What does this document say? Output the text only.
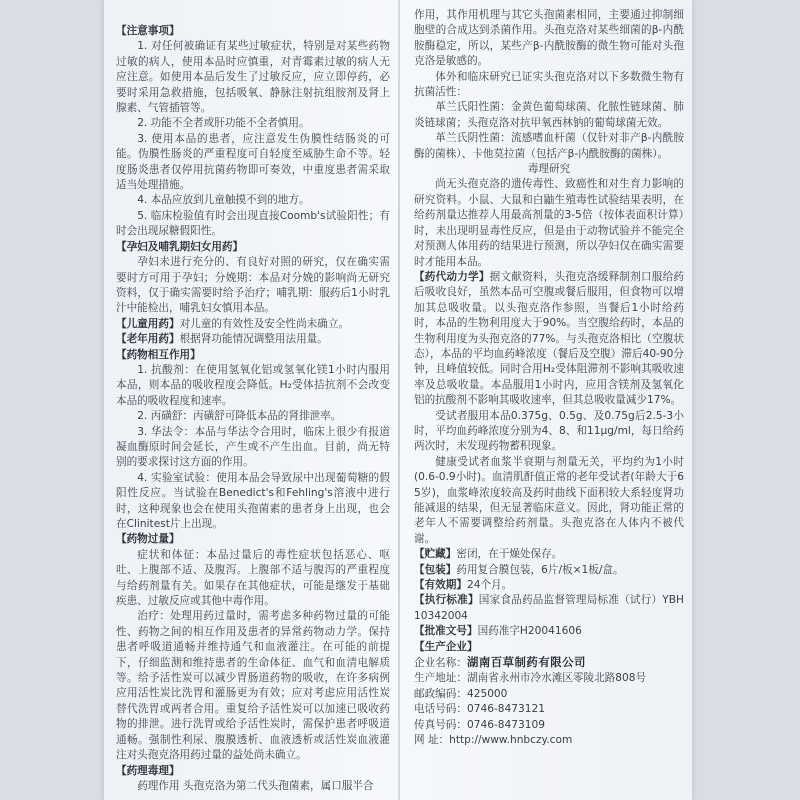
【注意事项】

1. 对任何被确证有某些过敏症状，特别是对某些药物过敏的病人，使用本品时应慎重，对青霉素过敏的病人无应注意。如使用本品后发生了过敏反应，应立即停药，必要时采用急救措施，包括吸氧、静脉注射抗组胺剂及肾上腺素、气管插管等。

2. 功能不全者或肝功能不全者慎用。

3. 使用本品的患者，应注意发生伪膜性结肠炎的可能。伪膜性肠炎的严重程度可自轻度至威胁生命不等。轻度肠炎患者仅停用抗菌药物即可奏效，中重度患者需采取适当处理措施。

4. 本品应放到儿童触摸不到的地方。

5. 临床检验值有时会出现直接Coomb's试验阳性；有时会出现尿糖假阳性。

【孕妇及哺乳期妇女用药】

孕妇未进行充分的、有良好对照的研究，仅在确实需要时方可用于孕妇；分娩期：本品对分娩的影响尚无研究资料，仅于确实需要时给予治疗；哺乳期：服药后1小时乳汁中能检出，哺乳妇女慎用本品。

【儿童用药】对儿童的有效性及安全性尚未确立。

【老年用药】根据肾功能情况调整用法用量。

【药物相互作用】

1. 抗酸剂：在使用氢氧化铝或氢氧化镁1小时内服用本品，则本品的吸收程度会降低。H₂受体拮抗剂不会改变本品的吸收程度和速率。

2. 丙磺舒：丙磺舒可降低本品的肾排泄率。

3. 华法令：本品与华法令合用时，临床上很少有报道凝血酶原时间会延长，产生或不产生出血。目前，尚无特别的要求探讨这方面的作用。

4. 实验室试验：使用本品会导致尿中出现葡萄糖的假阳性反应。当试验在Benedict's和Fehling's溶液中进行时，这种现象也会在使用头孢菌素的患者身上出现，也会在Clinitest片上出现。

【药物过量】

症状和体征：本品过量后的毒性症状包括恶心、呕吐、上腹部不适、及腹泻。上腹部不适与腹泻的严重程度与给药剂量有关。如果存在其他症状，可能是继发于基础疾患、过敏反应或其他中毒作用。

治疗：处理用药过量时，需考虑多种药物过量的可能性、药物之间的相互作用及患者的异常药物动力学。保持患者呼吸道通畅并维持通气和血液灌注。在可能的前提下，仔细监测和维持患者的生命体征、血气和血清电解质等。给予活性炭可以减少胃肠道药物的吸收，在许多病例应用活性炭比洗胃和灌肠更为有效；应对考虑应用活性炭替代洗胃或两者合用。重复给予活性炭可以加速已吸收药物的排泄。进行洗胃或给予活性炭时，需保护患者呼吸道通畅。强制性利尿、腹膜透析、血液透析或活性炭血液灌注对头孢克洛用药过量的益处尚未确立。

【药理毒理】

药理作用 头孢克洛为第二代头孢菌素，属口服半合

作用，其作用机理与其它头孢菌素相同，主要通过抑制细胞壁的合成达到杀菌作用。头孢克洛对某些细菌的β-内酰胺酶稳定，所以，某些产β-内酰胺酶的微生物可能对头孢克洛是敏感的。

体外和临床研究已证实头孢克洛对以下多数微生物有抗菌活性：

革兰氏阳性菌：金黄色葡萄球菌、化脓性链球菌、肺炎链球菌；头孢克洛对抗甲氧西林钠的葡萄球菌无效。

革兰氏阴性菌：流感嗜血杆菌（仅针对非产β-内酰胺酶的菌株）、卡他莫拉菌（包括产β-内酰胺酶的菌株）。

毒理研究

尚无头孢克洛的遗传毒性、致癌性和对生育力影响的研究资料。小鼠、大鼠和白鼬生殖毒性试验结果表明，在给药剂量达推荐人用最高剂量的3-5倍（按体表面积计算）时，未出现明显毒性反应，但是由于动物试验并不能完全对预测人体用药的结果进行预测，所以孕妇仅在确实需要时才能用本品。

【药代动力学】据文献资料，头孢克洛缓释制剂口服给药后吸收良好，虽然本品可空腹或餐后服用，但食物可以增加其总吸收量。以头孢克洛作参照，当餐后1小时给药时，本品的生物利用度大于90%。当空腹给药时，本品的生物利用度为头孢克洛的77%。与头孢克洛相比（空腹状态），本品的平均血药峰浓度（餐后及空腹）滞后40-90分钟，且峰值较低。同时合用H₂受体阻滞剂不影响其吸收速率及总吸收量。本品服用1小时内，应用含镁剂及氢氧化铝的抗酸剂不影响其吸收速率，但其总吸收量减少17%。

受试者服用本品0.375g、0.5g、及0.75g后2.5-3小时，平均血药峰浓度分别为4、8、和11μg/ml，每日给药两次时，未发现药物蓄积现象。

健康受试者血浆半衰期与剂量无关，平均约为1小时(0.6-0.9小时)。血清肌酐值正常的老年受试者(年龄大于65岁)，血浆峰浓度较高及药时曲线下面积较大系轻度肾功能减退的结果，但无显著临床意义。因此，肾功能正常的老年人不需要调整给药剂量。头孢克洛在人体内不被代谢。

【贮藏】密闭，在干燥处保存。

【包装】药用复合膜包装，6片/板×1板/盒。

【有效期】24个月。

【执行标准】国家食品药品监督管理局标准（试行）YBH10342004

【批准文号】国药准字H20041606

【生产企业】

企业名称：湖南百草制药有限公司

生产地址：湖南省永州市冷水滩区零陵北路808号

邮政编码：425000

电话号码：0746-8473121

传真号码：0746-8473109

网 址：http://www.hnbczy.com
